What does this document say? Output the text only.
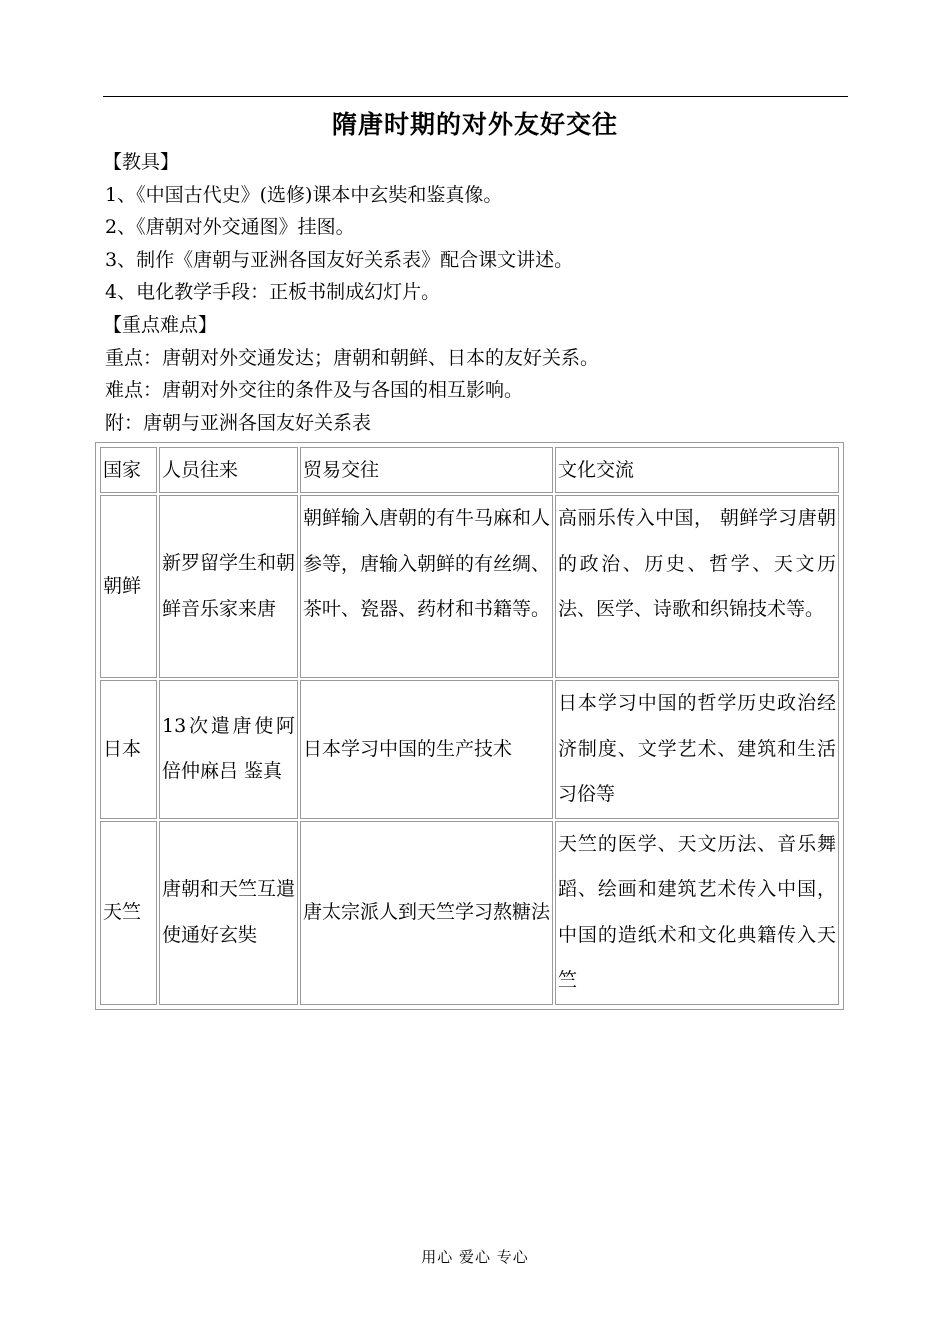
隋唐时期的对外友好交往
【教具】
1、《中国古代史》(选修)课本中玄奘和鉴真像。
2、《唐朝对外交通图》挂图。
3、制作《唐朝与亚洲各国友好关系表》配合课文讲述。
4、电化教学手段：正板书制成幻灯片。
【重点难点】
重点：唐朝对外交通发达；唐朝和朝鲜、日本的友好关系。
难点：唐朝对外交往的条件及与各国的相互影响。
附：唐朝与亚洲各国友好关系表
国家	人员往来	贸易交往	文化交流
朝鲜	新罗留学生和朝鲜音乐家来唐	朝鲜输入唐朝的有牛马麻和人参等，唐输入朝鲜的有丝绸、茶叶、瓷器、药材和书籍等。	高丽乐传入中国， 朝鲜学习唐朝的政治、历史、哲学、天文历法、医学、诗歌和织锦技术等。
日本	13次遣唐使阿倍仲麻吕 鉴真	日本学习中国的生产技术	日本学习中国的哲学历史政治经济制度、文学艺术、建筑和生活习俗等
天竺	唐朝和天竺互遣使通好玄奘	唐太宗派人到天竺学习熬糖法	天竺的医学、天文历法、音乐舞蹈、绘画和建筑艺术传入中国，中国的造纸术和文化典籍传入天竺
用心 爱心 专心
